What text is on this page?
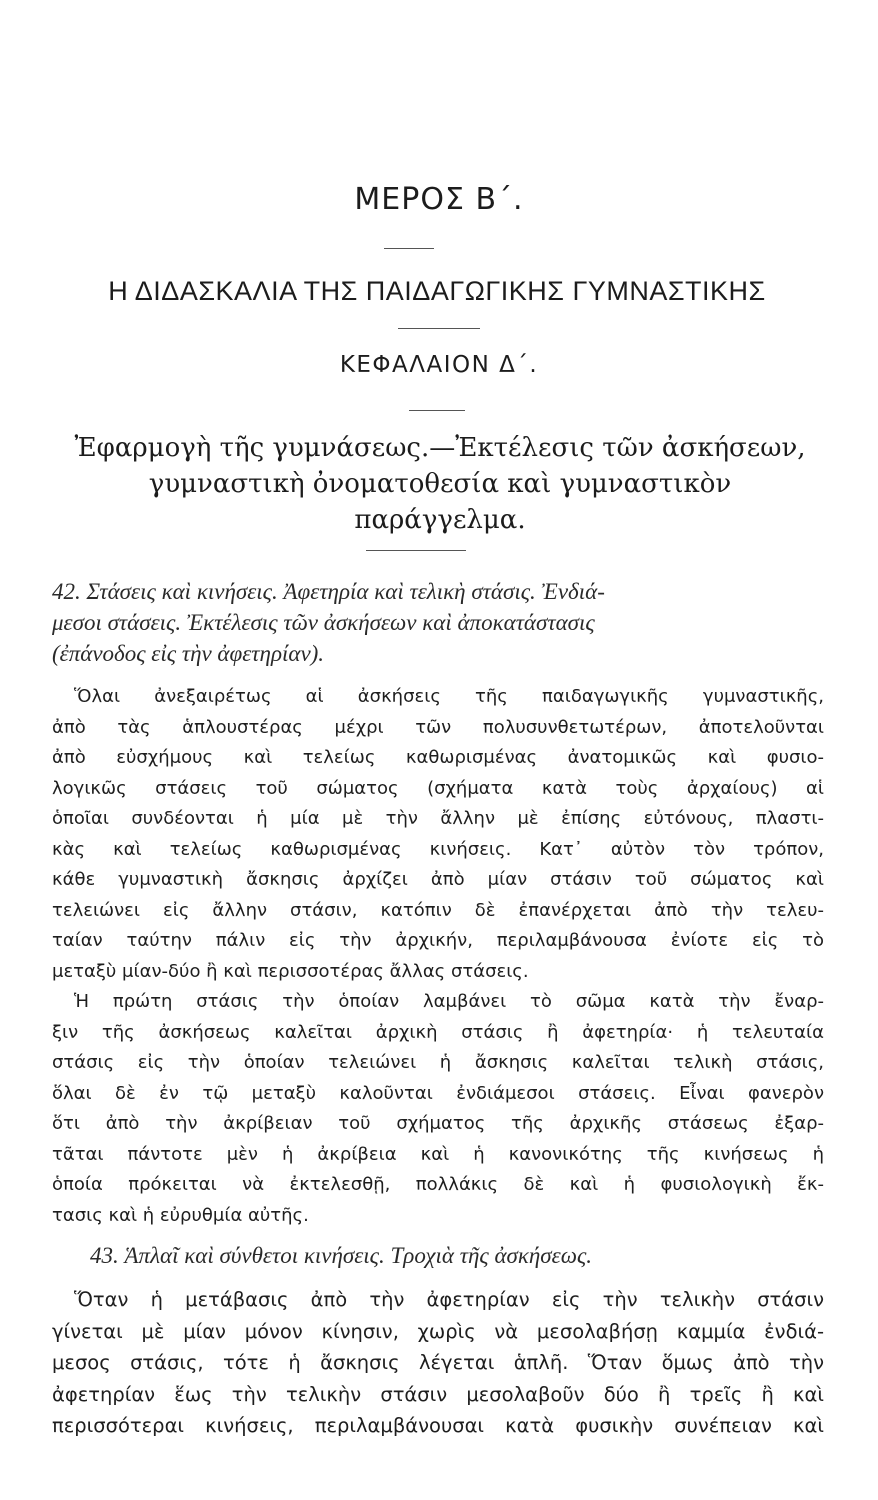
ΜΕΡΟΣ Β΄.
Η ΔΙΔΑΣΚΑΛΙΑ ΤΗΣ ΠΑΙΔΑΓΩΓΙΚΗΣ ΓΥΜΝΑΣΤΙΚΗΣ
ΚΕΦΑΛΑΙΟΝ Δ΄.
Ἐφαρμογὴ τῆς γυμνάσεως.—Ἐκτέλεσις τῶν ἀσκήσεων,
γυμναστικὴ ὀνοματοθεσία καὶ γυμναστικὸν
παράγγελμα.
42. Στάσεις καὶ κινήσεις. Ἀφετηρία καὶ τελικὴ στάσις. Ἐνδιά-
μεσοι στάσεις. Ἐκτέλεσις τῶν ἀσκήσεων καὶ ἀποκατάστασις
(ἐπάνοδος εἰς τὴν ἀφετηρίαν).
Ὅλαι ἀνεξαιρέτως αἱ ἀσκήσεις τῆς παιδαγωγικῆς γυμναστικῆς,
ἀπὸ τὰς ἁπλουστέρας μέχρι τῶν πολυσυνθετωτέρων, ἀποτελοῦνται
ἀπὸ εὐσχήμους καὶ τελείως καθωρισμένας ἀνατομικῶς καὶ φυσιο-
λογικῶς στάσεις τοῦ σώματος (σχήματα κατὰ τοὺς ἀρχαίους) αἱ
ὁποῖαι συνδέονται ἡ μία μὲ τὴν ἄλλην μὲ ἐπίσης εὐτόνους, πλαστι-
κὰς καὶ τελείως καθωρισμένας κινήσεις. Κατ᾽ αὐτὸν τὸν τρόπον,
κάθε γυμναστικὴ ἄσκησις ἀρχίζει ἀπὸ μίαν στάσιν τοῦ σώματος καὶ
τελειώνει εἰς ἄλλην στάσιν, κατόπιν δὲ ἐπανέρχεται ἀπὸ τὴν τελευ-
ταίαν ταύτην πάλιν εἰς τὴν ἀρχικήν, περιλαμβάνουσα ἐνίοτε εἰς τὸ
μεταξὺ μίαν-δύο ἢ καὶ περισσοτέρας ἄλλας στάσεις.
Ἡ πρώτη στάσις τὴν ὁποίαν λαμβάνει τὸ σῶμα κατὰ τὴν ἔναρ-
ξιν τῆς ἀσκήσεως καλεῖται ἀρχικὴ στάσις ἢ ἀφετηρία· ἡ τελευταία
στάσις εἰς τὴν ὁποίαν τελειώνει ἡ ἄσκησις καλεῖται τελικὴ στάσις,
ὅλαι δὲ ἐν τῷ μεταξὺ καλοῦνται ἐνδιάμεσοι στάσεις. Εἶναι φανερὸν
ὅτι ἀπὸ τὴν ἀκρίβειαν τοῦ σχήματος τῆς ἀρχικῆς στάσεως ἐξαρ-
τᾶται πάντοτε μὲν ἡ ἀκρίβεια καὶ ἡ κανονικότης τῆς κινήσεως ἡ
ὁποία πρόκειται νὰ ἐκτελεσθῇ, πολλάκις δὲ καὶ ἡ φυσιολογικὴ ἔκ-
τασις καὶ ἡ εὐρυθμία αὐτῆς.
43. Ἁπλαῖ καὶ σύνθετοι κινήσεις. Τροχιὰ τῆς ἀσκήσεως.
Ὅταν ἡ μετάβασις ἀπὸ τὴν ἀφετηρίαν εἰς τὴν τελικὴν στάσιν
γίνεται μὲ μίαν μόνον κίνησιν, χωρὶς νὰ μεσολαβήσῃ καμμία ἐνδιά-
μεσος στάσις, τότε ἡ ἄσκησις λέγεται ἁπλῆ. Ὅταν ὅμως ἀπὸ τὴν
ἀφετηρίαν ἕως τὴν τελικὴν στάσιν μεσολαβοῦν δύο ἢ τρεῖς ἢ καὶ
περισσότεραι κινήσεις, περιλαμβάνουσαι κατὰ φυσικὴν συνέπειαν καὶ
